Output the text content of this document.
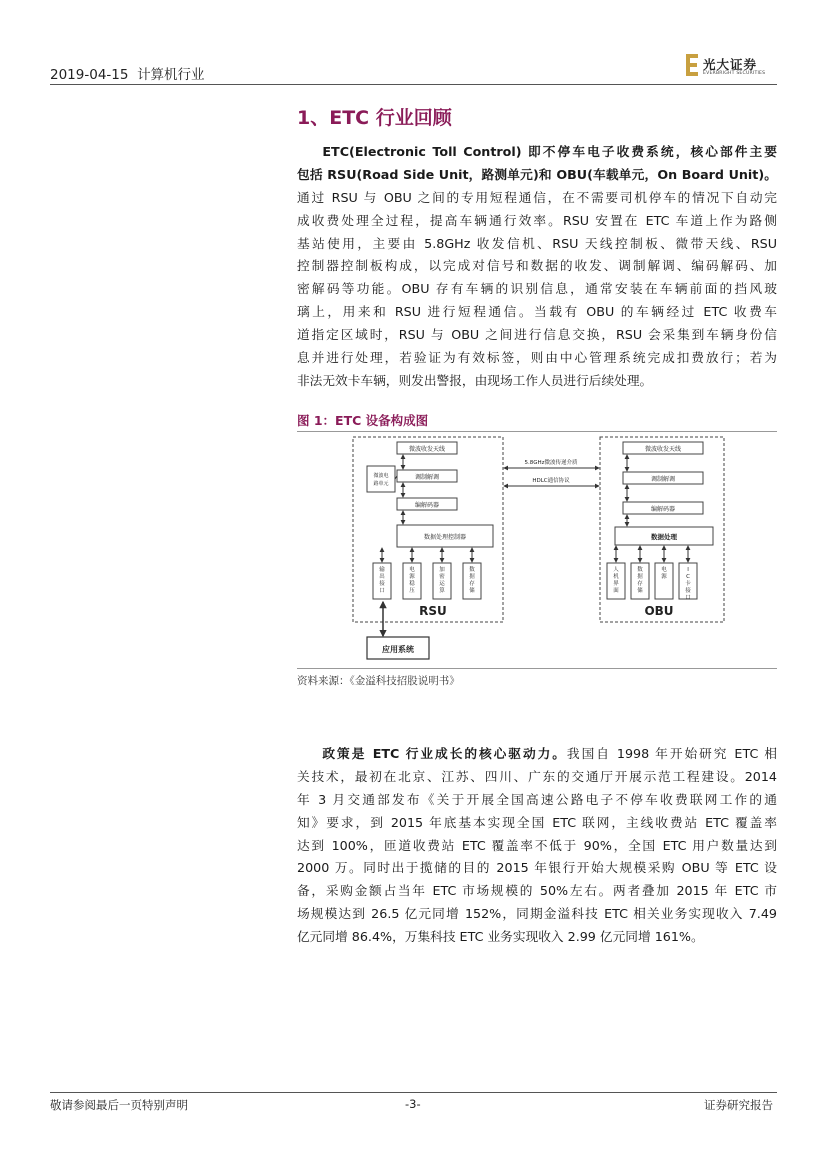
2019-04-15 计算机行业
光大证券
EVERBRIGHT SECURITIES
1、ETC 行业回顾
ETC(Electronic Toll Control) 即不停车电子收费系统，核心部件主要
包括 RSU(Road Side Unit，路测单元)和 OBU(车载单元，On Board Unit)。
通过 RSU 与 OBU 之间的专用短程通信，在不需要司机停车的情况下自动完
成收费处理全过程，提高车辆通行效率。RSU 安置在 ETC 车道上作为路侧
基站使用，主要由 5.8GHz 收发信机、RSU 天线控制板、微带天线、RSU
控制器控制板构成，以完成对信号和数据的收发、调制解调、编码解码、加
密解码等功能。OBU 存有车辆的识别信息，通常安装在车辆前面的挡风玻
璃上，用来和 RSU 进行短程通信。当载有 OBU 的车辆经过 ETC 收费车
道指定区域时，RSU 与 OBU 之间进行信息交换，RSU 会采集到车辆身份信
息并进行处理，若验证为有效标签，则由中心管理系统完成扣费放行；若为
非法无效卡车辆，则发出警报，由现场工作人员进行后续处理。
图 1：ETC 设备构成图
微波收发天线
调制解调
编解码器
微波电
路单元
数据处理控制器
输出接口
电源稳压
加密运算
数据存储
RSU
5.8GHz微波传递介质
HDLC通信协议
微波收发天线
调制解调
编解码器
数据处理
人机界面
数据存储
电源
I C 卡接口
OBU
应用系统
资料来源：《金溢科技招股说明书》
政策是 ETC 行业成长的核心驱动力。我国自 1998 年开始研究 ETC 相
关技术，最初在北京、江苏、四川、广东的交通厅开展示范工程建设。2014
年 3 月交通部发布《关于开展全国高速公路电子不停车收费联网工作的通
知》要求，到 2015 年底基本实现全国 ETC 联网，主线收费站 ETC 覆盖率
达到 100%，匝道收费站 ETC 覆盖率不低于 90%，全国 ETC 用户数量达到
2000 万。同时出于揽储的目的 2015 年银行开始大规模采购 OBU 等 ETC 设
备，采购金额占当年 ETC 市场规模的 50%左右。两者叠加 2015 年 ETC 市
场规模达到 26.5 亿元同增 152%，同期金溢科技 ETC 相关业务实现收入 7.49
亿元同增 86.4%，万集科技 ETC 业务实现收入 2.99 亿元同增 161%。
敬请参阅最后一页特别声明	-3-	证券研究报告
